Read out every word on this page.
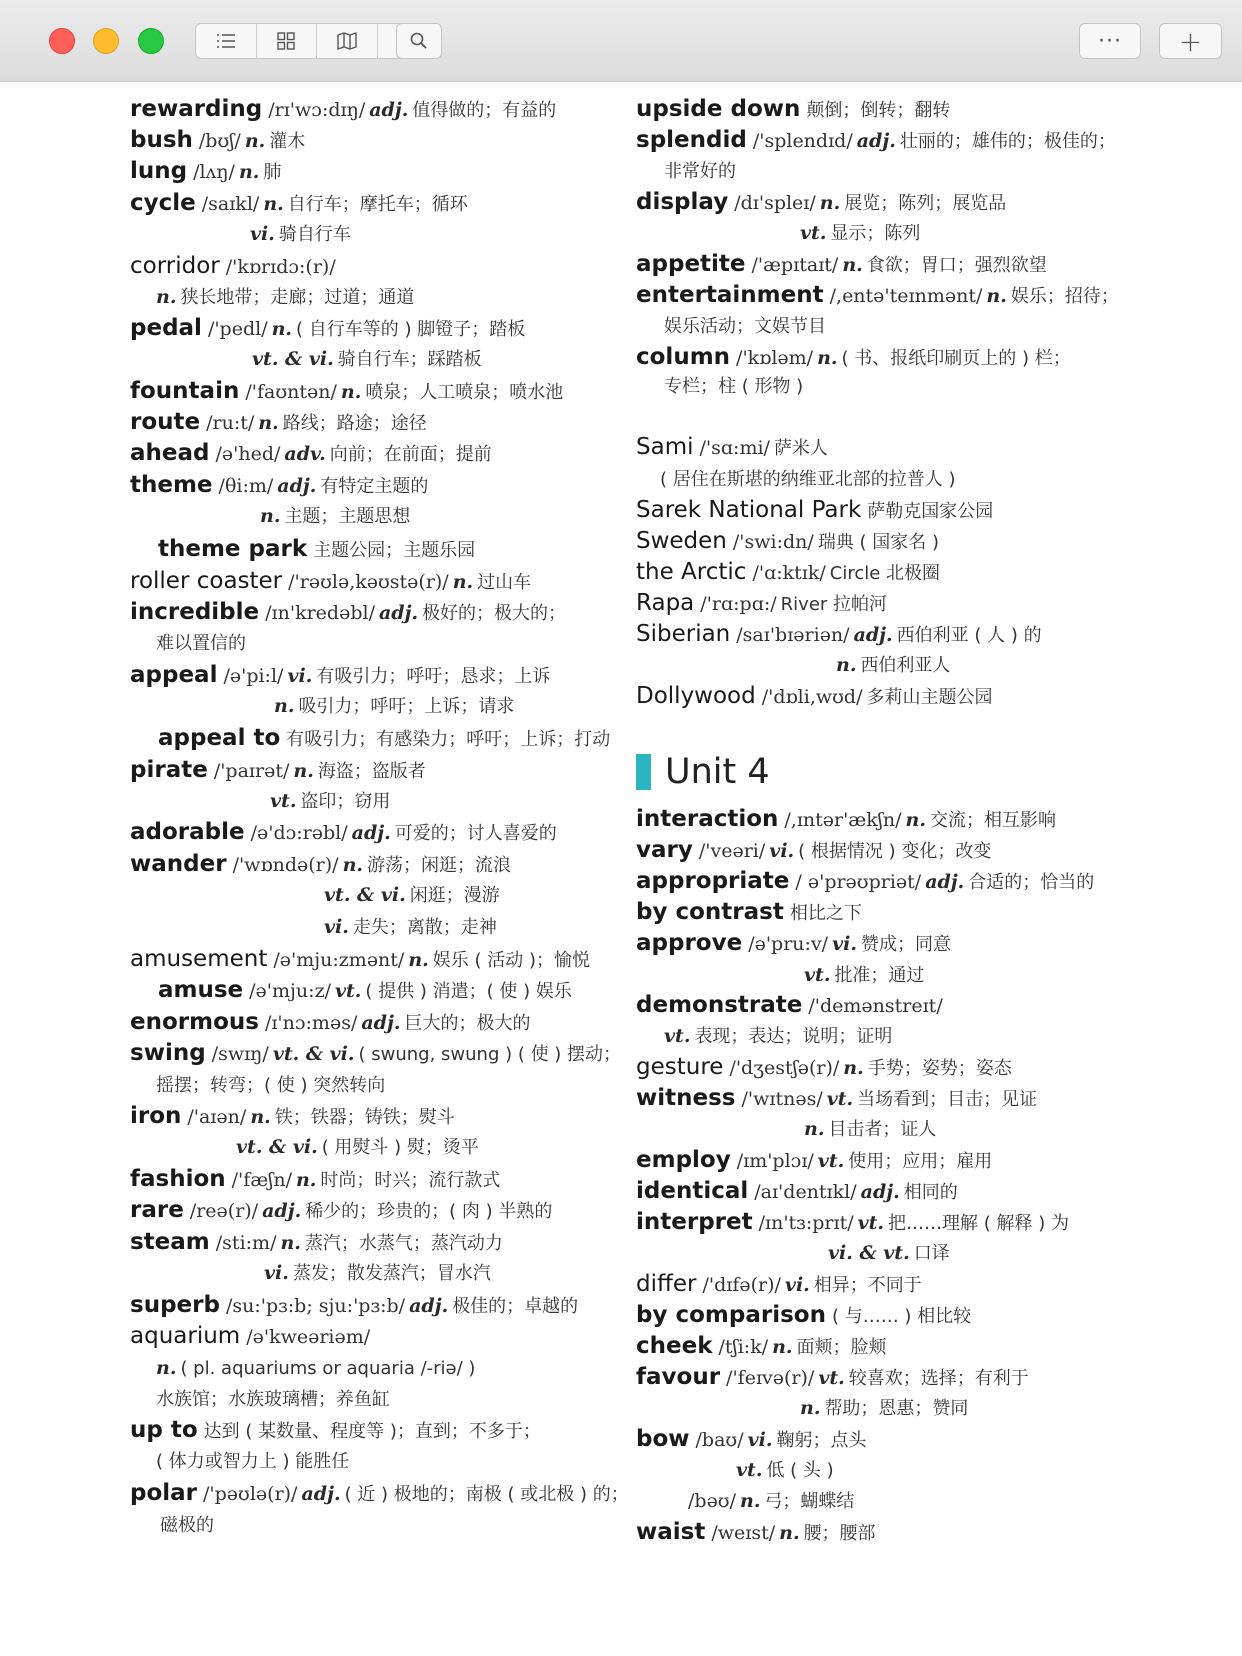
··· +
rewarding /rɪ'wɔ:dɪŋ/ adj. 值得做的；有益的
bush /bʊʃ/ n. 灌木
lung /lʌŋ/ n. 肺
cycle /saɪkl/ n. 自行车；摩托车；循环
vi. 骑自行车
corridor /'kɒrɪdɔ:(r)/
n. 狭长地带；走廊；过道；通道
pedal /'pedl/ n. ( 自行车等的 ) 脚镫子；踏板
vt. & vi. 骑自行车；踩踏板
fountain /'faʊntən/ n. 喷泉；人工喷泉；喷水池
route /ru:t/ n. 路线；路途；途径
ahead /ə'hed/ adv. 向前；在前面；提前
theme /θi:m/ adj. 有特定主题的
n. 主题；主题思想
theme park 主题公园；主题乐园
roller coaster /'rəʊlə,kəʊstə(r)/ n. 过山车
incredible /ɪn'kredəbl/ adj. 极好的；极大的；
难以置信的
appeal /ə'pi:l/ vi. 有吸引力；呼吁；恳求；上诉
n. 吸引力；呼吁；上诉；请求
appeal to 有吸引力；有感染力；呼吁；上诉；打动
pirate /'paɪrət/ n. 海盗；盗版者
vt. 盗印；窃用
adorable /ə'dɔ:rəbl/ adj. 可爱的；讨人喜爱的
wander /'wɒndə(r)/ n. 游荡；闲逛；流浪
vt. & vi. 闲逛；漫游
vi. 走失；离散；走神
amusement /ə'mju:zmənt/ n. 娱乐 ( 活动 )；愉悦
amuse /ə'mju:z/ vt. ( 提供 ) 消遣；( 使 ) 娱乐
enormous /ɪ'nɔ:məs/ adj. 巨大的；极大的
swing /swɪŋ/ vt. & vi. ( swung, swung ) ( 使 ) 摆动；
摇摆；转弯；( 使 ) 突然转向
iron /'aɪən/ n. 铁；铁器；铸铁；熨斗
vt. & vi. ( 用熨斗 ) 熨；烫平
fashion /'fæʃn/ n. 时尚；时兴；流行款式
rare /reə(r)/ adj. 稀少的；珍贵的；( 肉 ) 半熟的
steam /sti:m/ n. 蒸汽；水蒸气；蒸汽动力
vi. 蒸发；散发蒸汽；冒水汽
superb /su:'pɜ:b; sju:'pɜ:b/ adj. 极佳的；卓越的
aquarium /ə'kweəriəm/
n. ( pl. aquariums or aquaria /-riə/ )
水族馆；水族玻璃槽；养鱼缸
up to 达到 ( 某数量、程度等 )；直到；不多于；
( 体力或智力上 ) 能胜任
polar /'pəʊlə(r)/ adj. ( 近 ) 极地的；南极 ( 或北极 ) 的；
磁极的
Unit 4
upside down 颠倒；倒转；翻转
splendid /'splendɪd/ adj. 壮丽的；雄伟的；极佳的；
非常好的
display /dɪ'spleɪ/ n. 展览；陈列；展览品
vt. 显示；陈列
appetite /'æpɪtaɪt/ n. 食欲；胃口；强烈欲望
entertainment /,entə'teɪnmənt/ n. 娱乐；招待；
娱乐活动；文娱节目
column /'kɒləm/ n. ( 书、报纸印刷页上的 ) 栏；
专栏；柱 ( 形物 )
Sami /'sɑ:mi/ 萨米人
( 居住在斯堪的纳维亚北部的拉普人 )
Sarek National Park 萨勒克国家公园
Sweden /'swi:dn/ 瑞典 ( 国家名 )
the Arctic /'ɑ:ktɪk/ Circle 北极圈
Rapa /'rɑ:pɑ:/ River 拉帕河
Siberian /saɪ'bɪəriən/ adj. 西伯利亚 ( 人 ) 的
n. 西伯利亚人
Dollywood /'dɒli,wʊd/ 多莉山主题公园
interaction /,ɪntər'ækʃn/ n. 交流；相互影响
vary /'veəri/ vi. ( 根据情况 ) 变化；改变
appropriate / ə'prəʊpriət/ adj. 合适的；恰当的
by contrast 相比之下
approve /ə'pru:v/ vi. 赞成；同意
vt. 批准；通过
demonstrate /'demənstreɪt/
vt. 表现；表达；说明；证明
gesture /'dʒestʃə(r)/ n. 手势；姿势；姿态
witness /'wɪtnəs/ vt. 当场看到；目击；见证
n. 目击者；证人
employ /ɪm'plɔɪ/ vt. 使用；应用；雇用
identical /aɪ'dentɪkl/ adj. 相同的
interpret /ɪn'tɜ:prɪt/ vt. 把……理解 ( 解释 ) 为
vi. & vt. 口译
differ /'dɪfə(r)/ vi. 相异；不同于
by comparison ( 与…… ) 相比较
cheek /tʃi:k/ n. 面颊；脸颊
favour /'feɪvə(r)/ vt. 较喜欢；选择；有利于
n. 帮助；恩惠；赞同
bow /baʊ/ vi. 鞠躬；点头
vt. 低 ( 头 )
/bəʊ/ n. 弓；蝴蝶结
waist /weɪst/ n. 腰；腰部
